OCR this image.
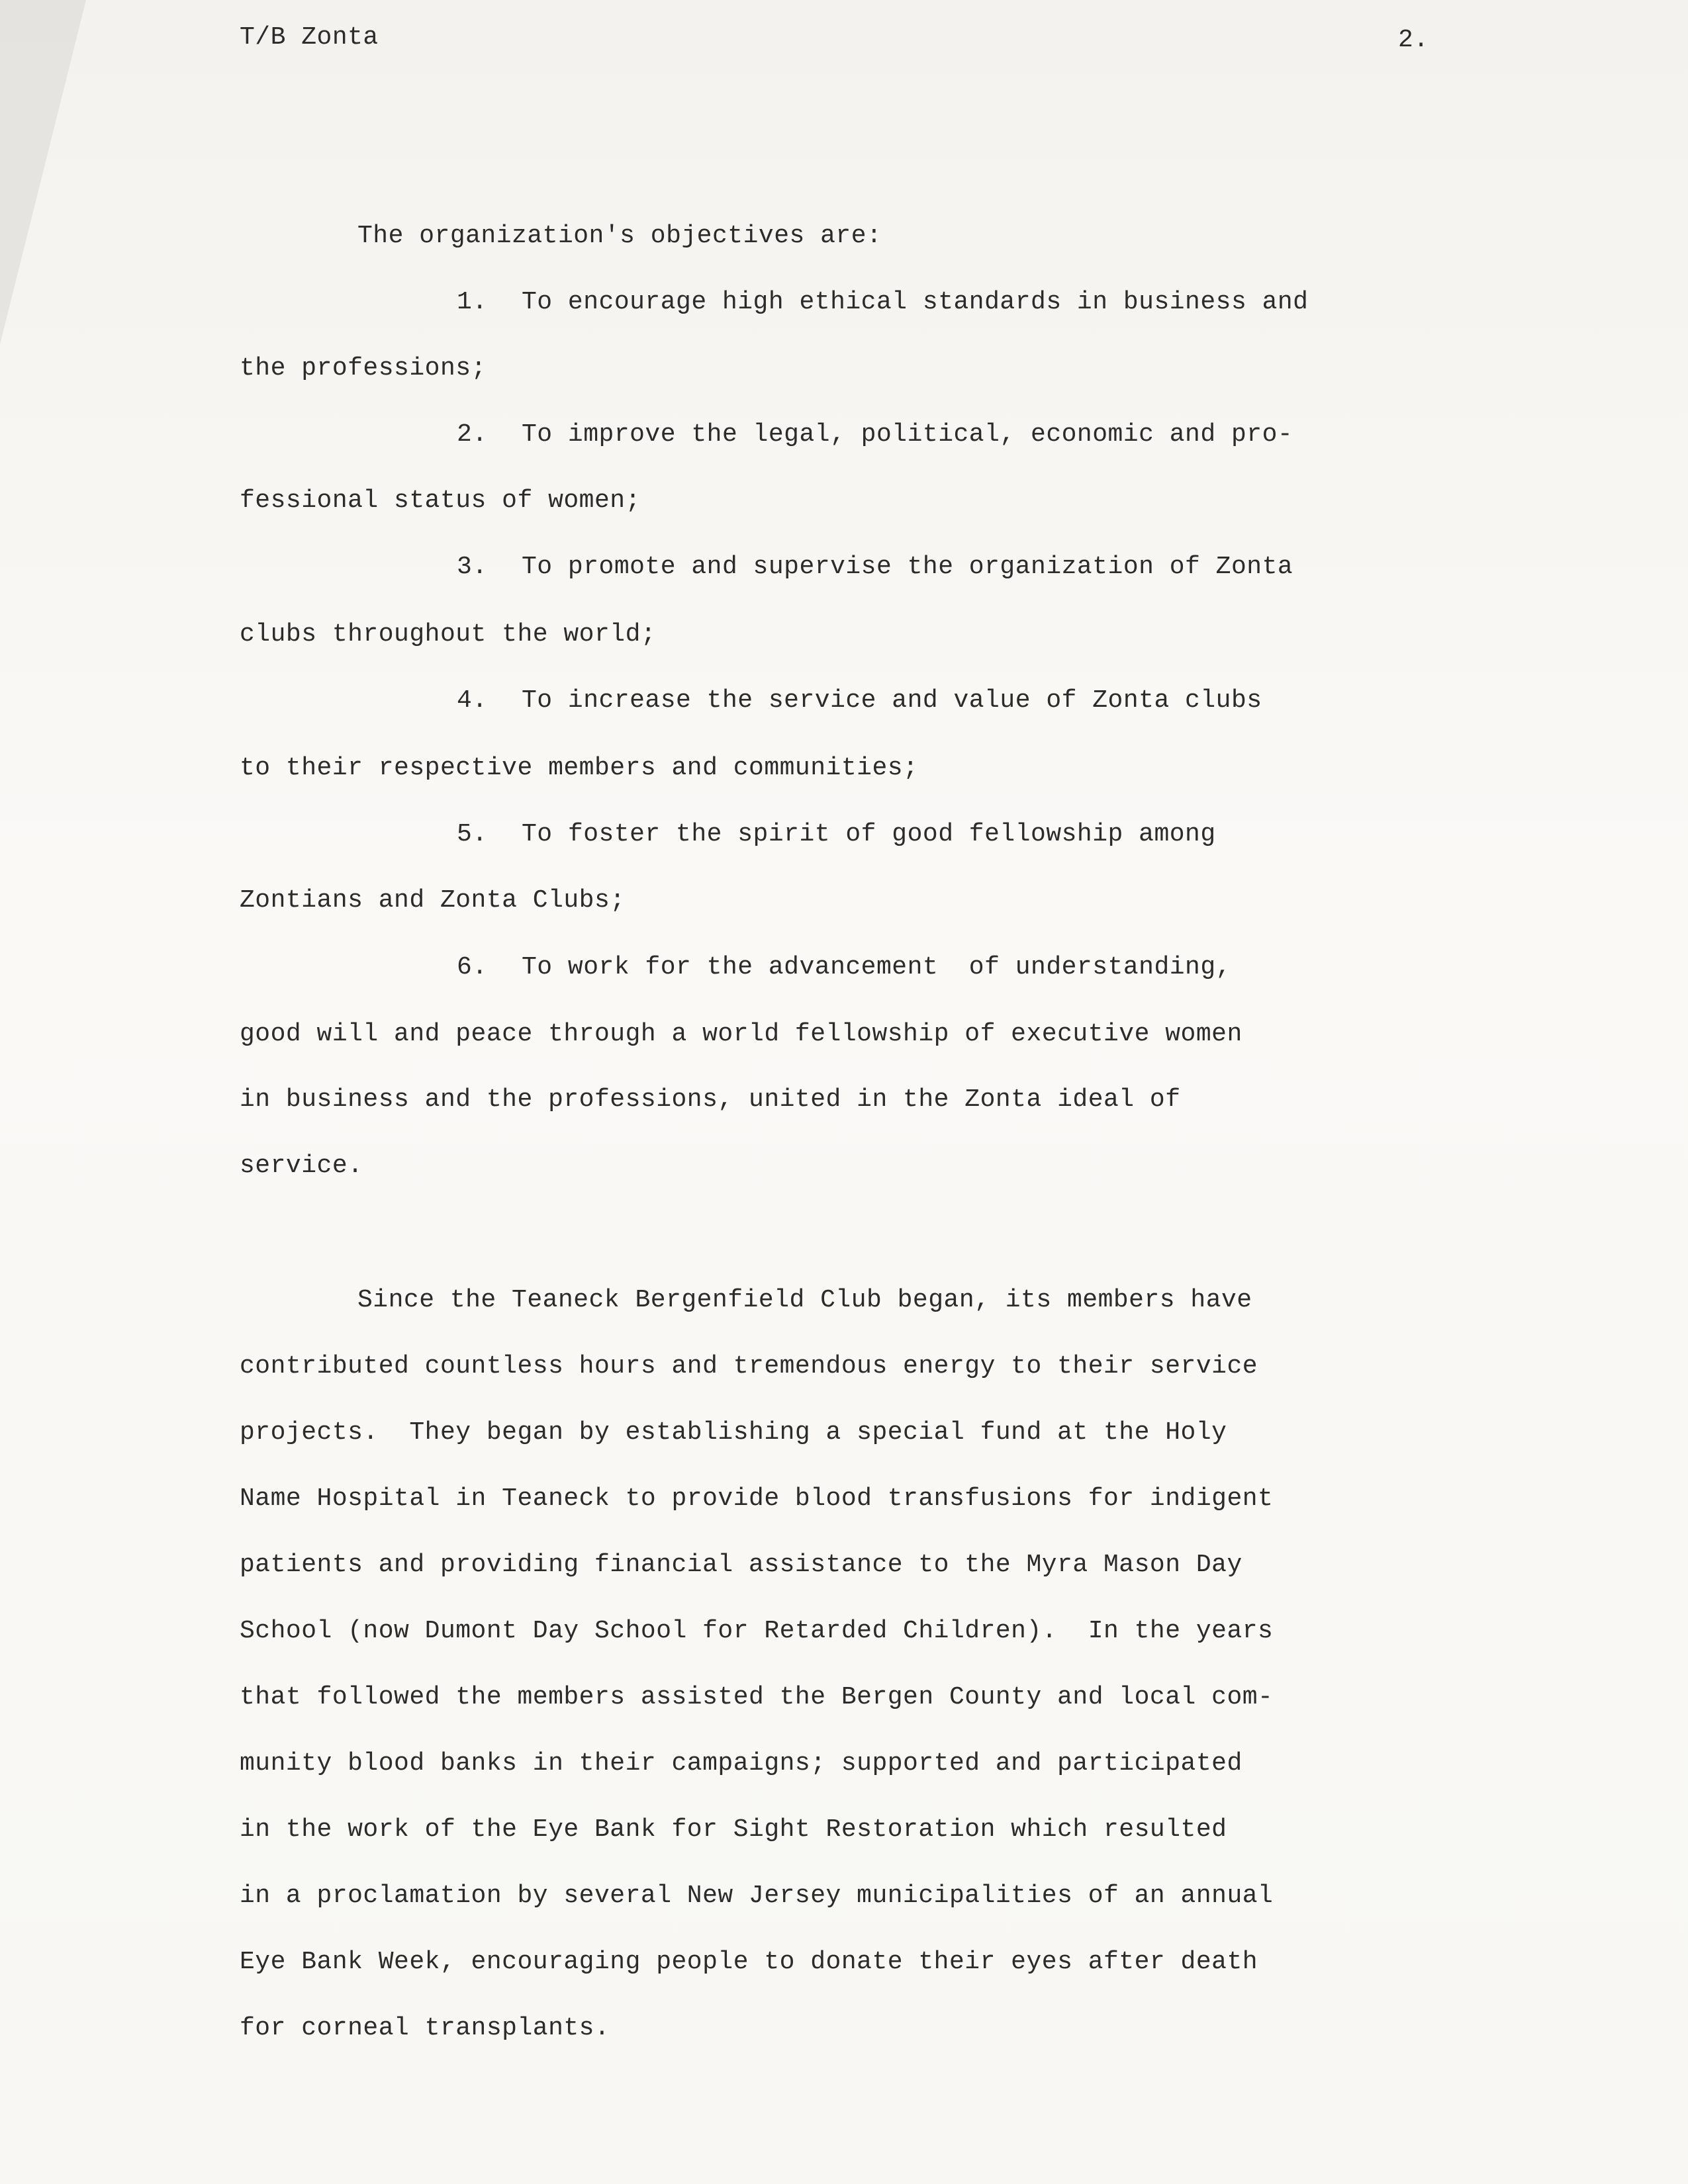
T/B Zonta	2.
The organization's objectives are:
1. To encourage high ethical standards in business and
the professions;
2. To improve the legal, political, economic and pro-
fessional status of women;
3. To promote and supervise the organization of Zonta
clubs throughout the world;
4. To increase the service and value of Zonta clubs
to their respective members and communities;
5. To foster the spirit of good fellowship among
Zontians and Zonta Clubs;
6. To work for the advancement  of understanding,
good will and peace through a world fellowship of executive women
in business and the professions, united in the Zonta ideal of
service.
Since the Teaneck Bergenfield Club began, its members have
contributed countless hours and tremendous energy to their service
projects.  They began by establishing a special fund at the Holy
Name Hospital in Teaneck to provide blood transfusions for indigent
patients and providing financial assistance to the Myra Mason Day
School (now Dumont Day School for Retarded Children).  In the years
that followed the members assisted the Bergen County and local com-
munity blood banks in their campaigns; supported and participated
in the work of the Eye Bank for Sight Restoration which resulted
in a proclamation by several New Jersey municipalities of an annual
Eye Bank Week, encouraging people to donate their eyes after death
for corneal transplants.
